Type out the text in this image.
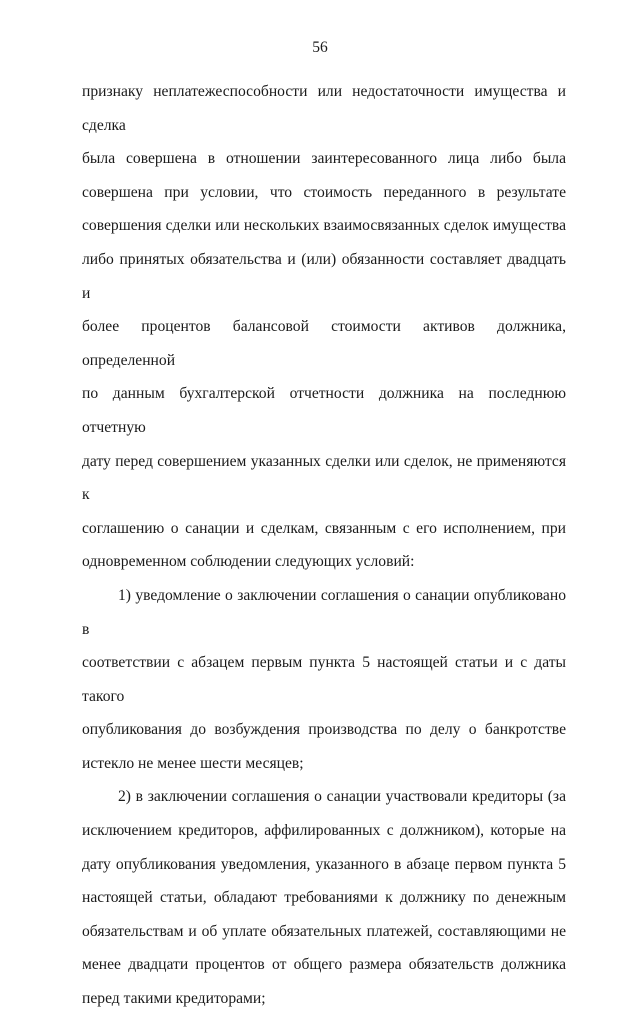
56

признаку неплатежеспособности или недостаточности имущества и сделка

была совершена в отношении заинтересованного лица либо была

совершена при условии, что стоимость переданного в результате

совершения сделки или нескольких взаимосвязанных сделок имущества

либо принятых обязательства и (или) обязанности составляет двадцать и

более процентов балансовой стоимости активов должника, определенной

по данным бухгалтерской отчетности должника на последнюю отчетную

дату перед совершением указанных сделки или сделок, не применяются к

соглашению о санации и сделкам, связанным с его исполнением, при

одновременном соблюдении следующих условий:

1) уведомление о заключении соглашения о санации опубликовано в

соответствии с абзацем первым пункта 5 настоящей статьи и с даты такого

опубликования до возбуждения производства по делу о банкротстве

истекло не менее шести месяцев;

2) в заключении соглашения о санации участвовали кредиторы (за

исключением кредиторов, аффилированных с должником), которые на

дату опубликования уведомления, указанного в абзаце первом пункта 5

настоящей статьи, обладают требованиями к должнику по денежным

обязательствам и об уплате обязательных платежей, составляющими не

менее двадцати процентов от общего размера обязательств должника

перед такими кредиторами;
